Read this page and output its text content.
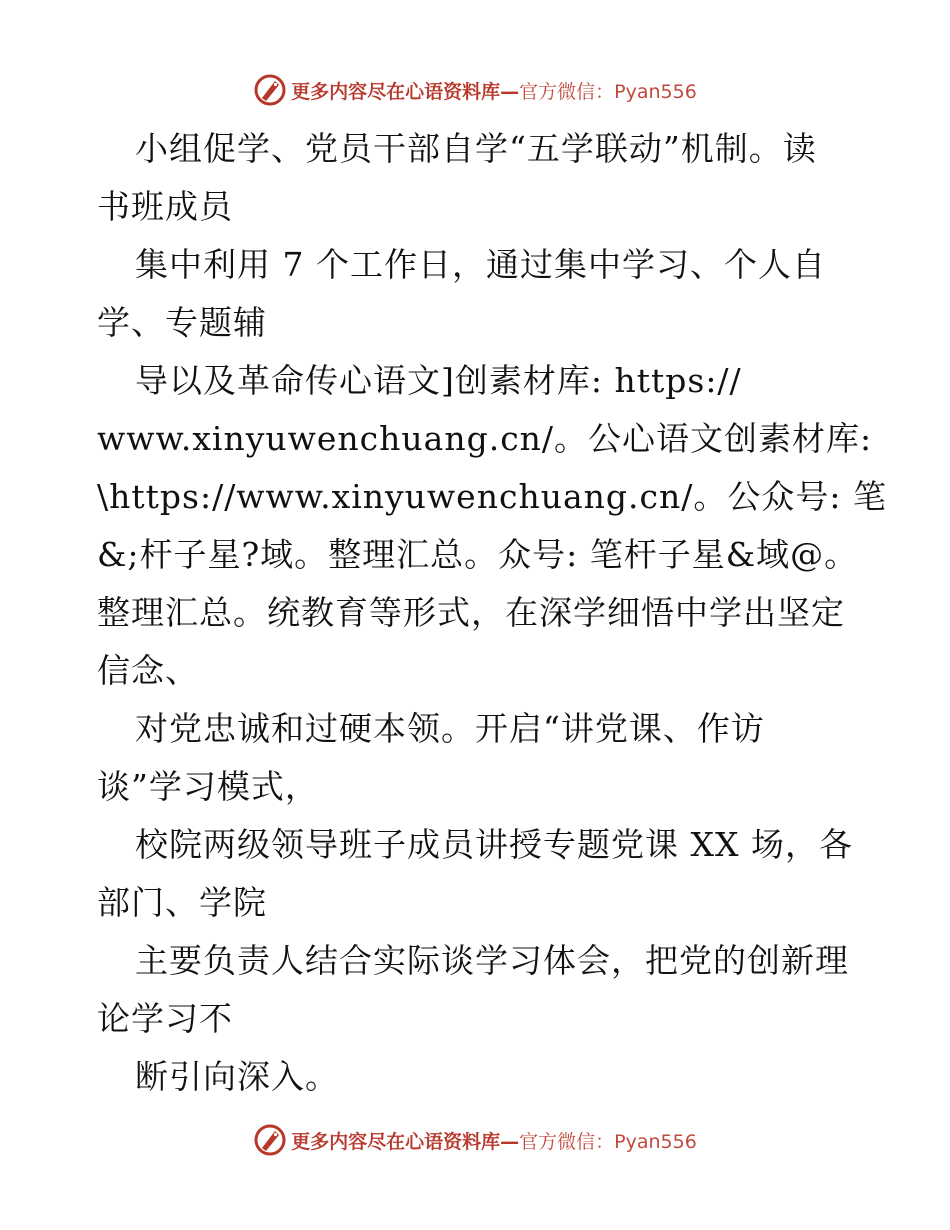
更多内容尽在心语资料库—官方微信：Pyan556
小组促学、党员干部自学“五学联动”机制。读
书班成员
集中利用 7 个工作日，通过集中学习、个人自
学、专题辅
导以及革命传心语文]创素材库: https://
www.xinyuwenchuang.cn/。公心语文创素材库:
\https://www.xinyuwenchuang.cn/。公众号: 笔
&;杆子星?域。整理汇总。众号: 笔杆子星&域@。
整理汇总。统教育等形式，在深学细悟中学出坚定
信念、
对党忠诚和过硬本领。开启“讲党课、作访
谈”学习模式，
校院两级领导班子成员讲授专题党课 XX 场，各
部门、学院
主要负责人结合实际谈学习体会，把党的创新理
论学习不
断引向深入。
更多内容尽在心语资料库—官方微信：Pyan556
